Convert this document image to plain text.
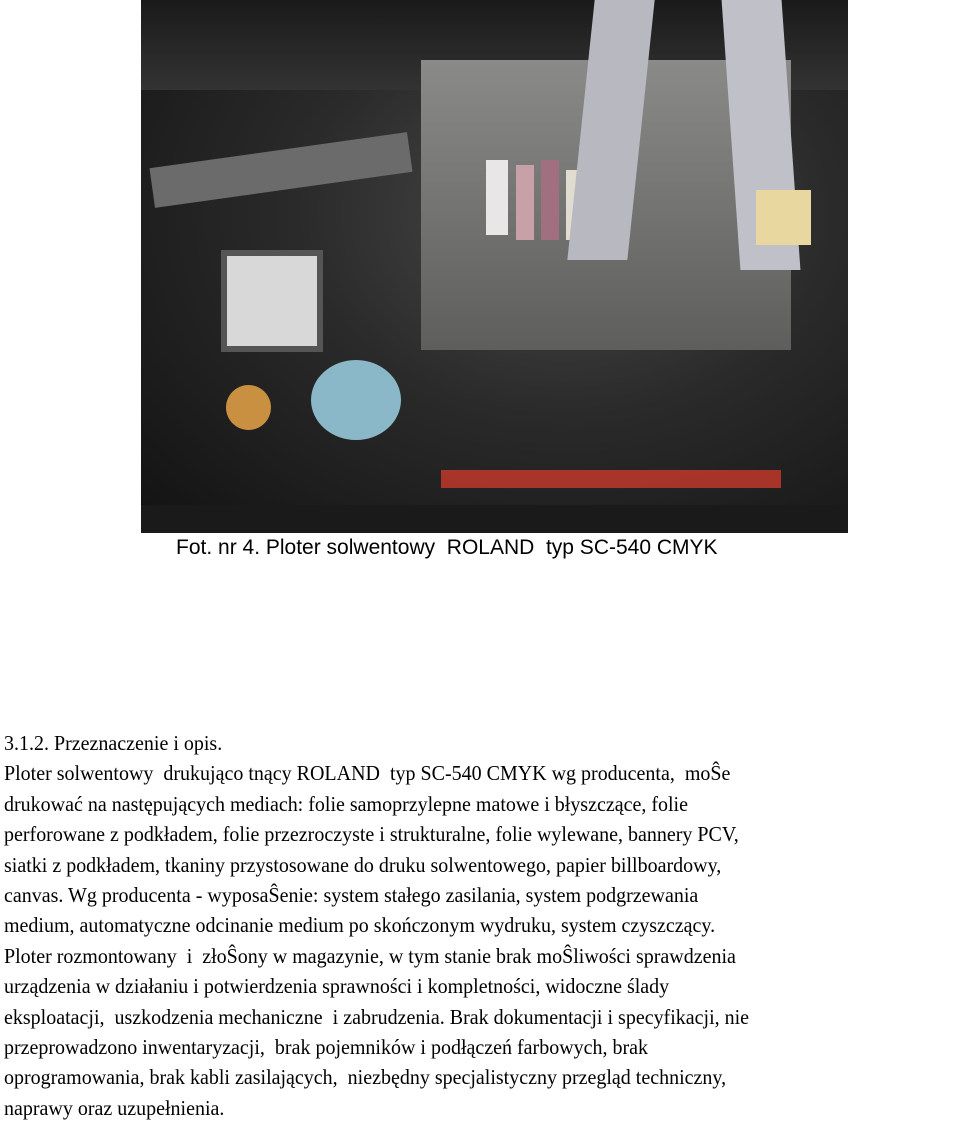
Fot. nr 4. Ploter solwentowy  ROLAND  typ SC-540 CMYK
3.1.2. Przeznaczenie i opis.
Ploter solwentowy  drukująco tnący ROLAND  typ SC-540 CMYK wg producenta,  moŜe
drukować na następujących mediach: folie samoprzylepne matowe i błyszczące, folie
perforowane z podkładem, folie przezroczyste i strukturalne, folie wylewane, bannery PCV,
siatki z podkładem, tkaniny przystosowane do druku solwentowego, papier billboardowy,
canvas. Wg producenta - wyposaŜenie: system stałego zasilania, system podgrzewania
medium, automatyczne odcinanie medium po skończonym wydruku, system czyszczący.
Ploter rozmontowany  i  złoŜony w magazynie, w tym stanie brak moŜliwości sprawdzenia
urządzenia w działaniu i potwierdzenia sprawności i kompletności, widoczne ślady
eksploatacji,  uszkodzenia mechaniczne  i zabrudzenia. Brak dokumentacji i specyfikacji, nie
przeprowadzono inwentaryzacji,  brak pojemników i podłączeń farbowych, brak
oprogramowania, brak kabli zasilających,  niezbędny specjalistyczny przegląd techniczny,
naprawy oraz uzupełnienia.
